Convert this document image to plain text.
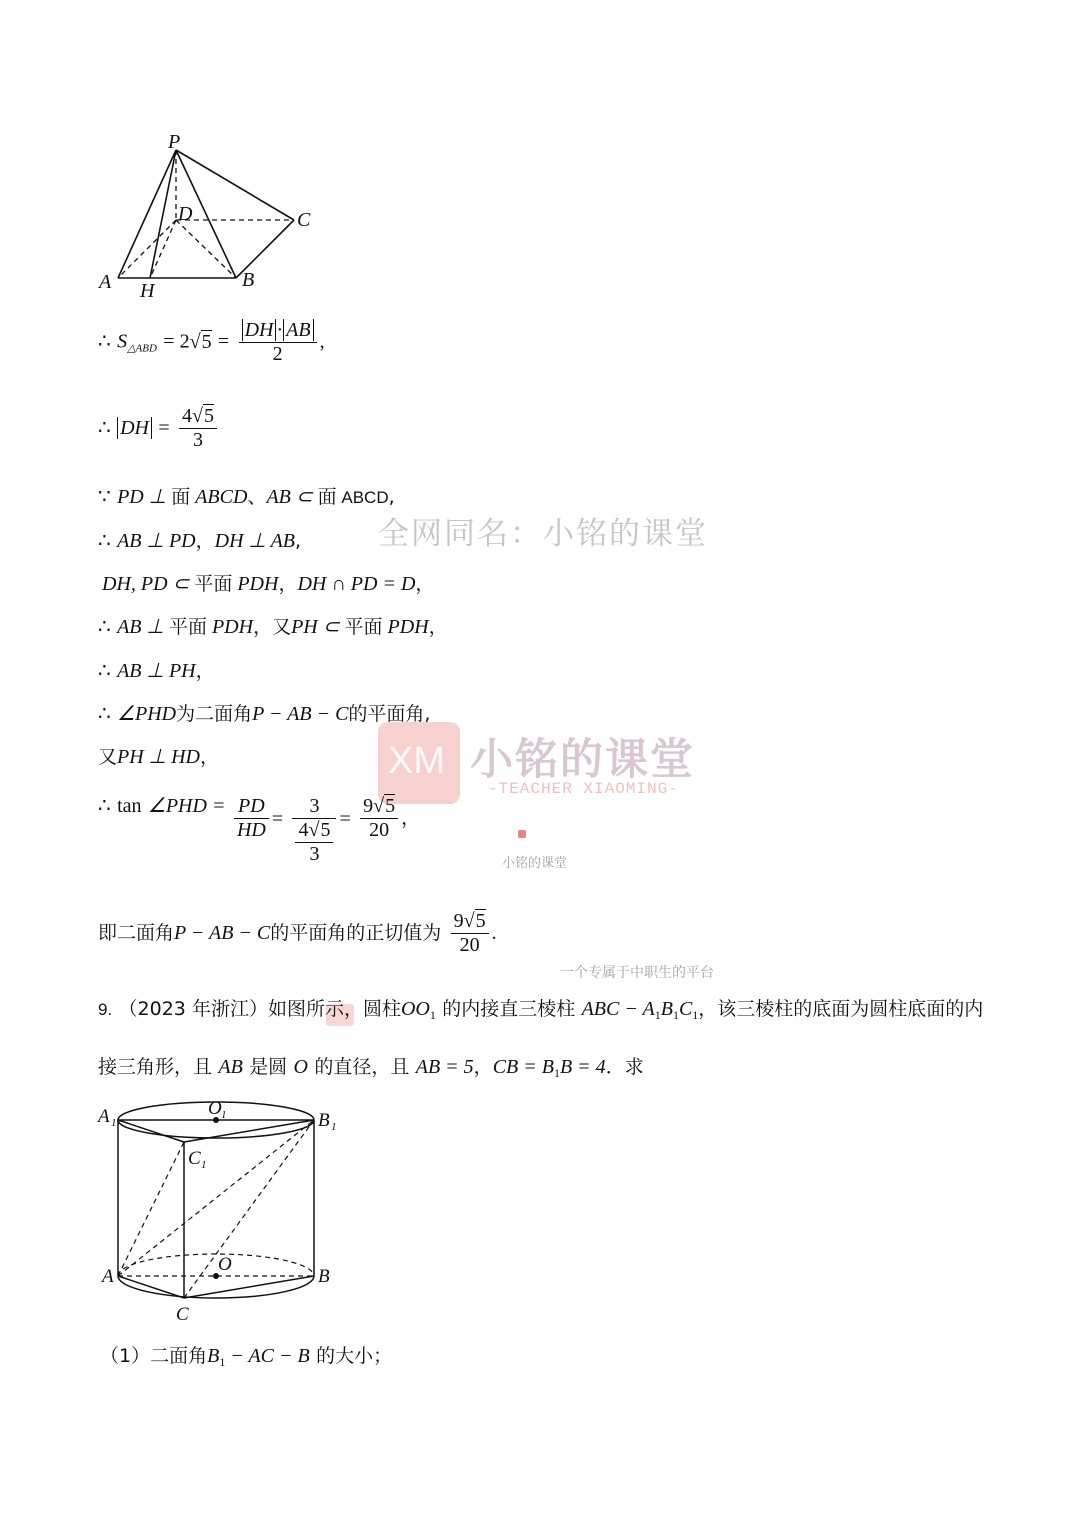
P
D	C
A H	B
全网同名：小铭的课堂
XM 小铭的课堂
-TEACHER XIAOMING-
小铭的课堂
一个专属于中职生的平台
∴ $S_{\triangle ABD} = 2√5 = \frac{DH \cdot AB}{2}$ ,
∴ DH = $\frac{4√5}{3}$
∵ PD ⊥ 面 ABCD、AB ⊂ 面 ABCD,
∴ AB ⊥ PD，DH ⊥ AB,
DH, PD ⊂ 平面 PDH，DH ∩ PD = D，
∴ AB ⊥ 平面 PDH，又PH ⊂ 平面 PDH，
∴ AB ⊥ PH，
∴ ∠PHD为二面角P − AB − C的平面角,
又PH ⊥ HD，
∴ tan ∠PHD = $\frac{PD}{HD} = \frac{3}{\frac{4√5}{3}} = \frac{9√5}{20}$ ，
即二面角P − AB − C的平面角的正切值为 $\frac{9√5}{20}$ .
9. （2023 年浙江）如图所示，圆柱$OO_1$ 的内接直三棱柱 ABC − $A_1B_1C_1$，该三棱柱的底面为圆柱底面的内
接三角形，且 AB 是圆 O 的直径，且 AB = 5，CB = $B_1B = 4$．求
A 1
O 1	B 1
C 1
A
O
B
C
（1）二面角$B_1$ − AC − B 的大小；
